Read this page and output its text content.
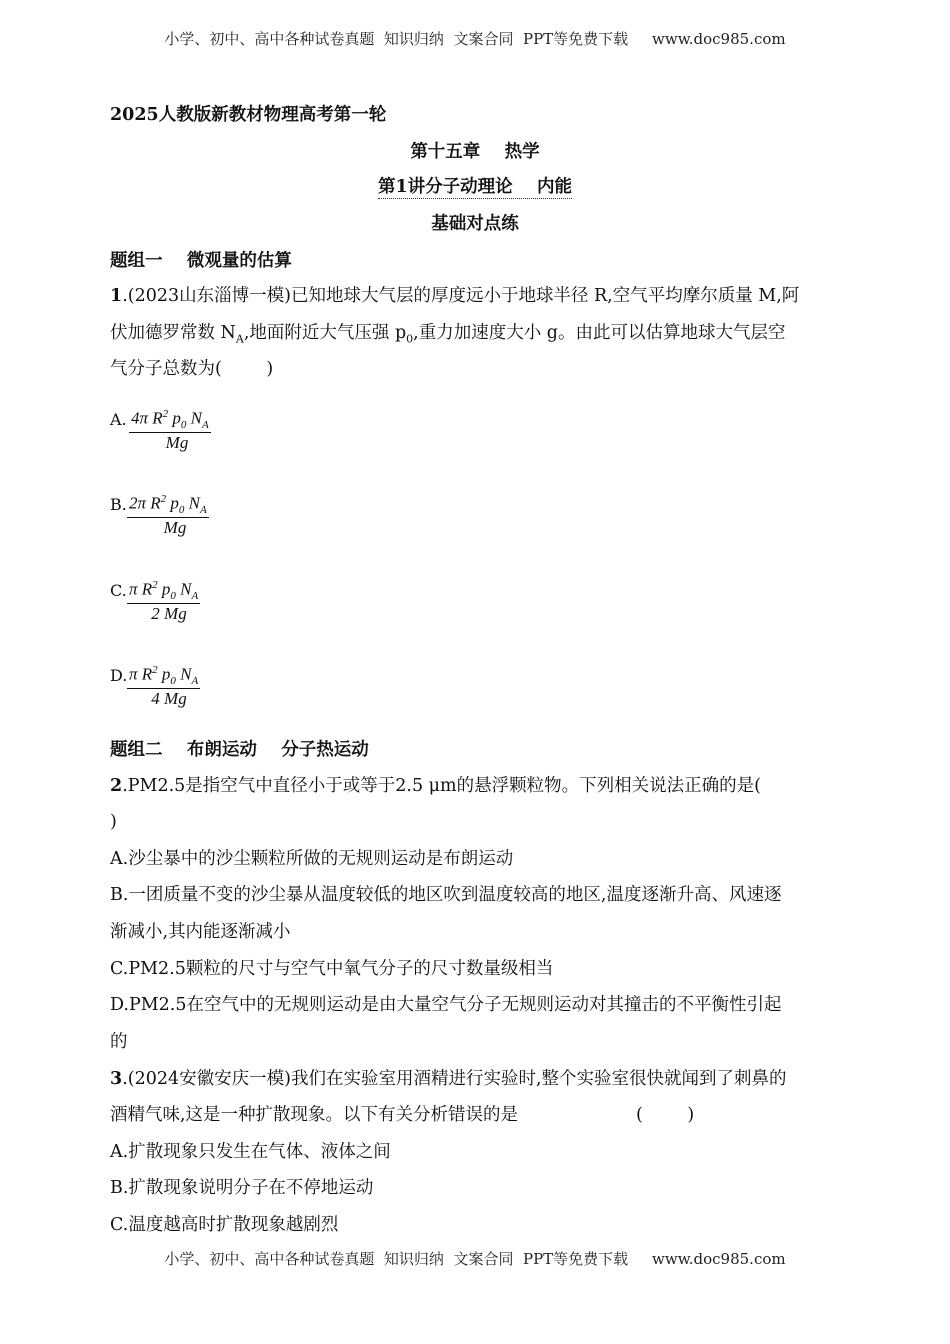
小学、初中、高中各种试卷真题  知识归纳  文案合同  PPT等免费下载     www.doc985.com
2025人教版新教材物理高考第一轮
第十五章    热学
第1讲分子动理论    内能
基础对点练
题组一    微观量的估算
1.(2023山东淄博一模)已知地球大气层的厚度远小于地球半径 R,空气平均摩尔质量 M,阿
伏加德罗常数 $N_A$,地面附近大气压强 $p_0$,重力加速度大小 g。由此可以估算地球大气层空
气分子总数为(        )
A. $\frac{4\pi R^2 p_0 N_A}{Mg}$
B. $\frac{2\pi R^2 p_0 N_A}{Mg}$
C. $\frac{\pi R^2 p_0 N_A}{2 Mg}$
D. $\frac{\pi R^2 p_0 N_A}{4 Mg}$
题组二    布朗运动    分子热运动
2.PM2.5是指空气中直径小于或等于2.5 μm的悬浮颗粒物。下列相关说法正确的是(
)
A.沙尘暴中的沙尘颗粒所做的无规则运动是布朗运动
B.一团质量不变的沙尘暴从温度较低的地区吹到温度较高的地区,温度逐渐升高、风速逐
渐减小,其内能逐渐减小
C.PM2.5颗粒的尺寸与空气中氧气分子的尺寸数量级相当
D.PM2.5在空气中的无规则运动是由大量空气分子无规则运动对其撞击的不平衡性引起
的
3.(2024安徽安庆一模)我们在实验室用酒精进行实验时,整个实验室很快就闻到了刺鼻的
酒精气味,这是一种扩散现象。以下有关分析错误的是	(        )
A.扩散现象只发生在气体、液体之间
B.扩散现象说明分子在不停地运动
C.温度越高时扩散现象越剧烈
小学、初中、高中各种试卷真题  知识归纳  文案合同  PPT等免费下载     www.doc985.com
